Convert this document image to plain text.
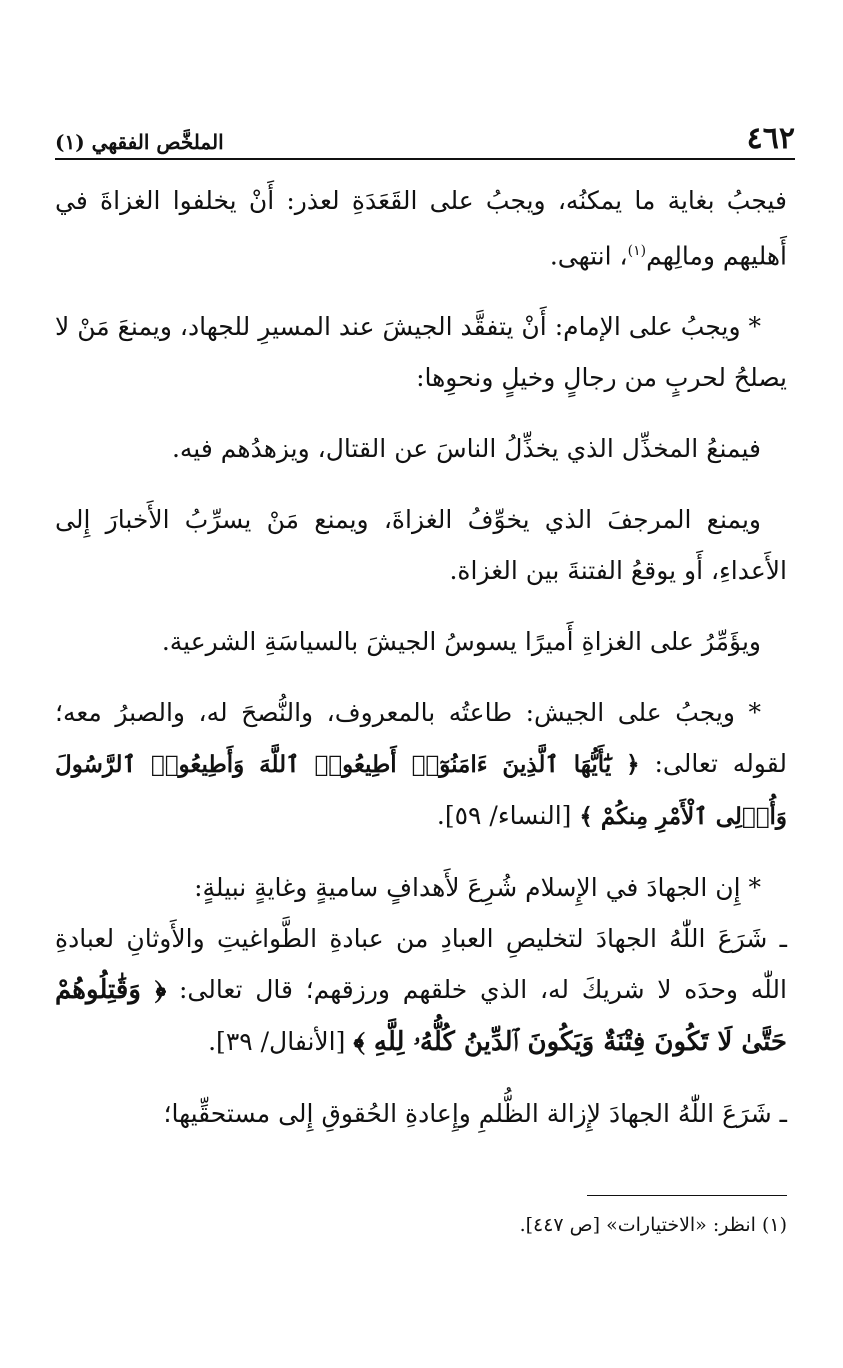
٤٦٢
الملخَّص الفقهي (١)

فيجبُ بغاية ما يمكنُه، ويجبُ على القَعَدَةِ لعذر: أَنْ يخلفوا الغزاةَ في أَهليهم ومالِهم$^{(١)}$، انتهى.

* ويجبُ على الإمام: أَنْ يتفقَّد الجيشَ عند المسيرِ للجهاد، ويمنعَ مَنْ لا يصلحُ لحربٍ من رجالٍ وخيلٍ ونحوِها:

فيمنعُ المخذِّل الذي يخذِّلُ الناسَ عن القتال، ويزهدُهم فيه.

ويمنع المرجفَ الذي يخوِّفُ الغزاةَ، ويمنع مَنْ يسرِّبُ الأَخبارَ إِلى الأَعداءِ، أَو يوقعُ الفتنةَ بين الغزاة.

ويؤَمِّرُ على الغزاةِ أَميرًا يسوسُ الجيشَ بالسياسَةِ الشرعية.

* ويجبُ على الجيش: طاعتُه بالمعروف، والنُّصحَ له، والصبرُ معه؛ لقوله تعالى: ﴿ يَٰٓأَيُّهَا ٱلَّذِينَ ءَامَنُوٓا۟ أَطِيعُوا۟ ٱللَّهَ وَأَطِيعُوا۟ ٱلرَّسُولَ وَأُو۟لِى ٱلْأَمْرِ مِنكُمْ ﴾ [النساء/ ٥٩].

* إِن الجهادَ في الإِسلام شُرِعَ لأَهدافٍ ساميةٍ وغايةٍ نبيلةٍ:

ـ شَرَعَ اللّٰهُ الجهادَ لتخليصِ العبادِ من عبادةِ الطَّواغيتِ والأَوثانِ لعبادةِ اللّٰه وحدَه لا شريكَ له، الذي خلقهم ورزقهم؛ قال تعالى: ﴿ وَقَٰتِلُوهُمْ حَتَّىٰ لَا تَكُونَ فِتْنَةٌ وَيَكُونَ ٱلدِّينُ كُلُّهُۥ لِلَّهِ ﴾ [الأنفال/ ٣٩].

ـ شَرَعَ اللّٰهُ الجهادَ لإِزالة الظُّلمِ وإِعادةِ الحُقوقِ إِلى مستحقِّيها؛

(١) انظر: «الاختيارات» [ص ٤٤٧].
